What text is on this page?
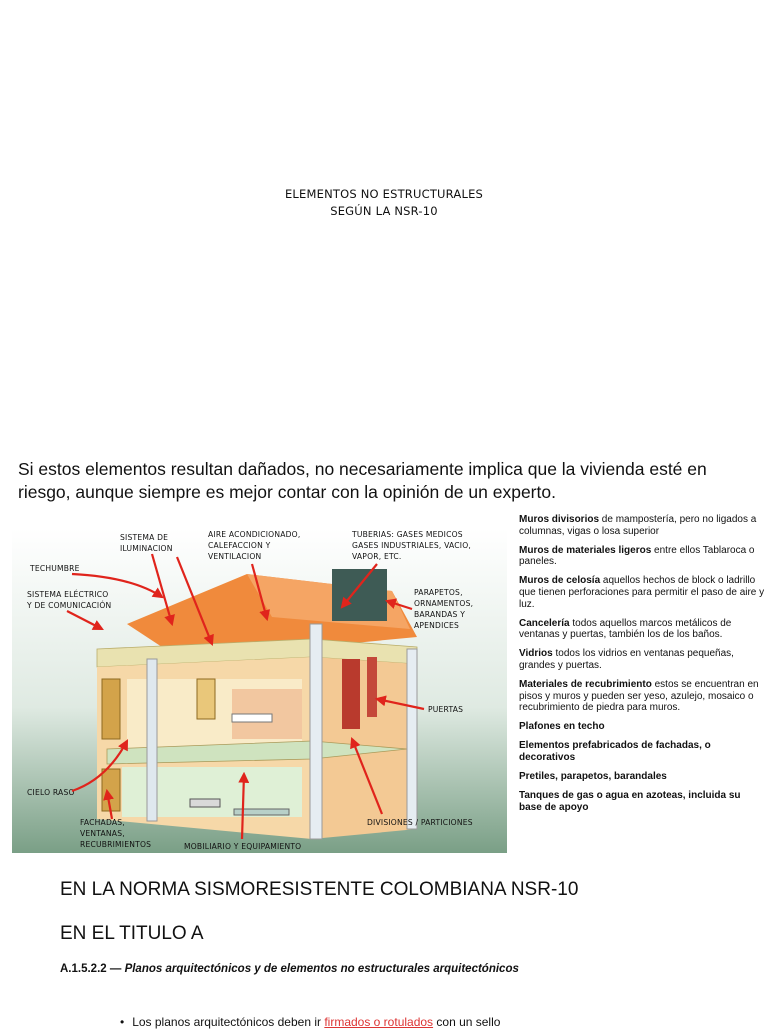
ELEMENTOS NO ESTRUCTURALES
SEGÚN LA NSR-10
Si estos elementos resultan dañados, no necesariamente implica que la vivienda esté en riesgo, aunque siempre es mejor contar con la opinión de un experto.
SISTEMA DE
ILUMINACION
AIRE ACONDICIONADO,
CALEFACCION Y
VENTILACION
TUBERIAS: GASES MEDICOS
GASES INDUSTRIALES, VACIO,
VAPOR, ETC.
TECHUMBRE
SISTEMA ELÉCTRICO
Y DE COMUNICACIÓN
PARAPETOS,
ORNAMENTOS,
BARANDAS Y
APENDICES
PUERTAS
CIELO RASO
FACHADAS,
VENTANAS,
RECUBRIMIENTOS	MOBILIARIO Y EQUIPAMIENTO
DIVISIONES / PARTICIONES

Muros divisorios de mampostería, pero no ligados a columnas, vigas o losa superior

Muros de materiales ligeros entre ellos Tablaroca o paneles.

Muros de celosía aquellos hechos de block o ladrillo que tienen perforaciones para permitir el paso de aire y luz.

Cancelería todos aquellos marcos metálicos de ventanas y puertas, también los de los baños.

Vidrios todos los vidrios en ventanas pequeñas, grandes y puertas.

Materiales de recubrimiento estos se encuentran en pisos y muros y pueden ser yeso, azulejo, mosaico o recubrimiento de piedra para muros.

Plafones en techo

Elementos prefabricados de fachadas, o decorativos

Pretiles, parapetos, barandales

Tanques de gas o agua en azoteas, incluida su base de apoyo

EN LA NORMA SISMORESISTENTE COLOMBIANA NSR-10
EN EL TITULO A
A.1.5.2.2 — Planos arquitectónicos y de elementos no estructurales arquitectónicos
• Los planos arquitectónicos deben ir firmados o rotulados con un sello
